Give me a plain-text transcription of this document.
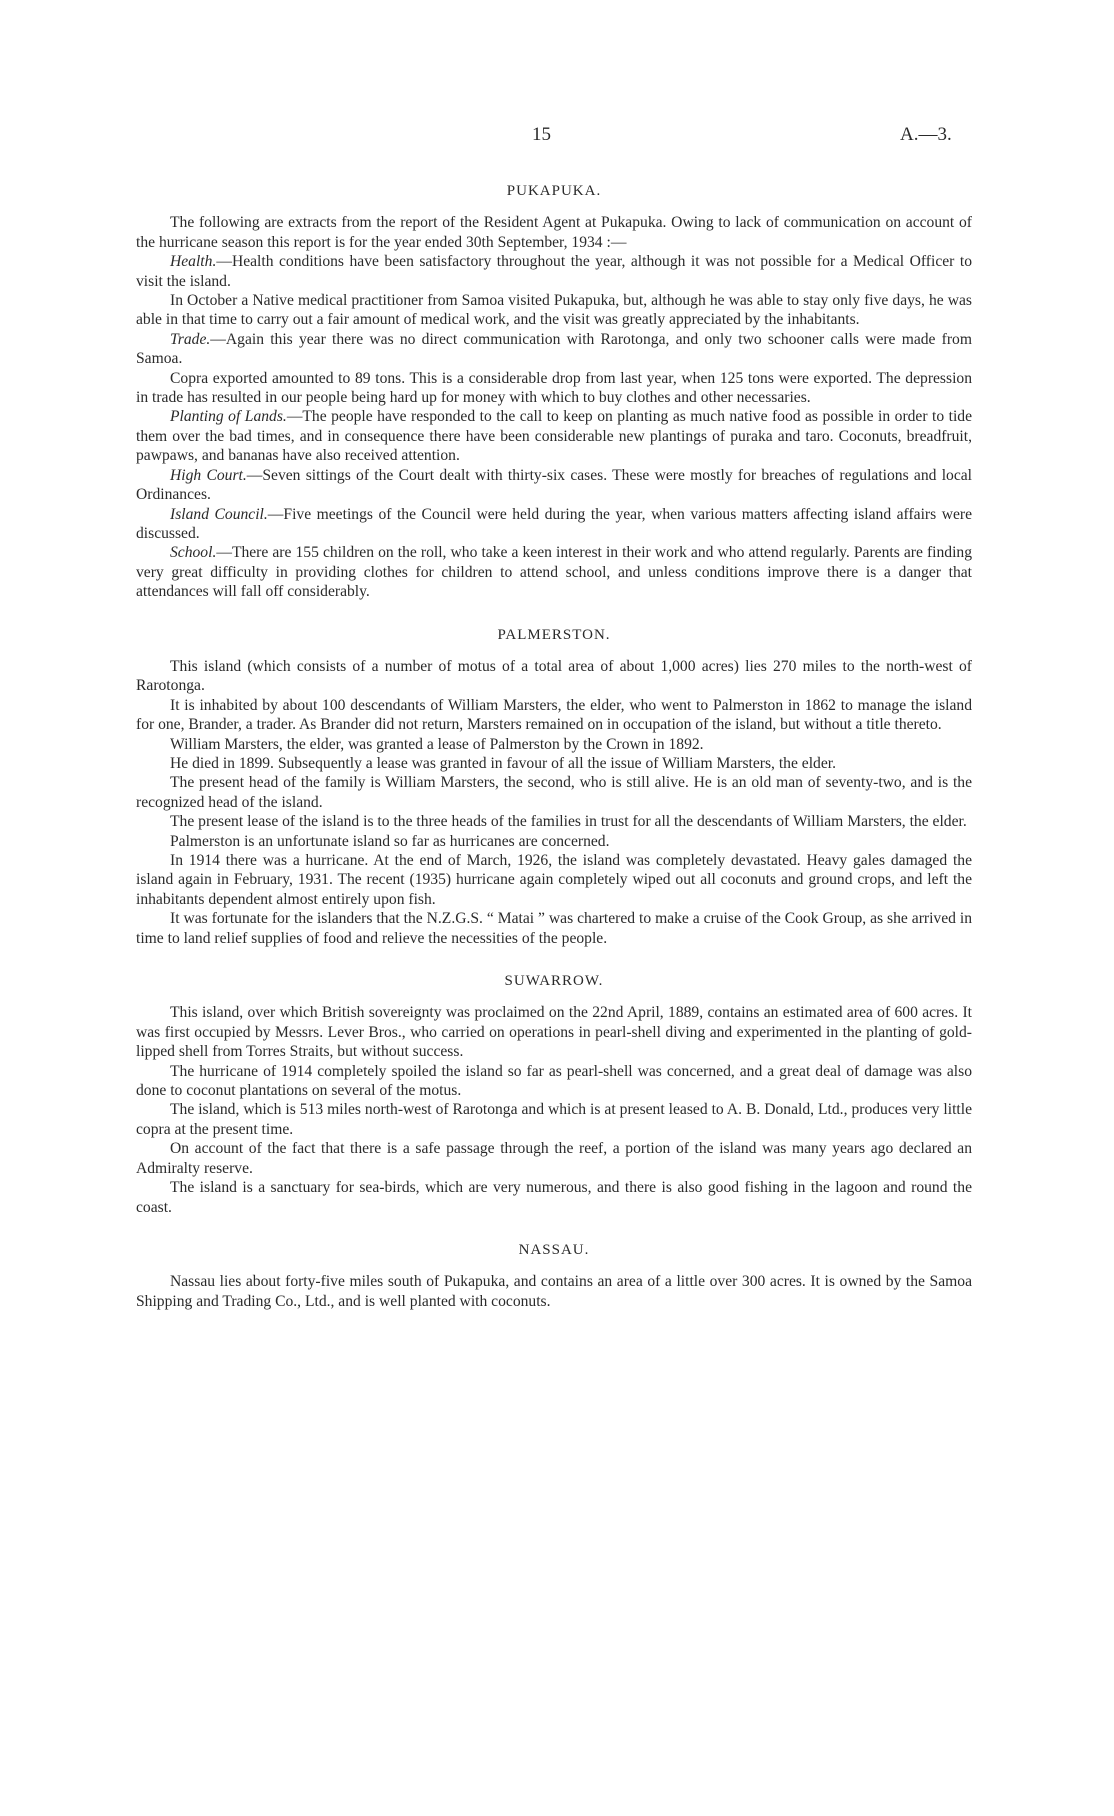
15	A.—3.
PUKAPUKA.

The following are extracts from the report of the Resident Agent at Pukapuka. Owing to lack of communication on account of the hurricane season this report is for the year ended 30th September, 1934 :—

Health.—Health conditions have been satisfactory throughout the year, although it was not possible for a Medical Officer to visit the island.

In October a Native medical practitioner from Samoa visited Pukapuka, but, although he was able to stay only five days, he was able in that time to carry out a fair amount of medical work, and the visit was greatly appreciated by the inhabitants.

Trade.—Again this year there was no direct communication with Rarotonga, and only two schooner calls were made from Samoa.

Copra exported amounted to 89 tons. This is a considerable drop from last year, when 125 tons were exported. The depression in trade has resulted in our people being hard up for money with which to buy clothes and other necessaries.

Planting of Lands.—The people have responded to the call to keep on planting as much native food as possible in order to tide them over the bad times, and in consequence there have been considerable new plantings of puraka and taro. Coconuts, breadfruit, pawpaws, and bananas have also received attention.

High Court.—Seven sittings of the Court dealt with thirty-six cases. These were mostly for breaches of regulations and local Ordinances.

Island Council.—Five meetings of the Council were held during the year, when various matters affecting island affairs were discussed.

School.—There are 155 children on the roll, who take a keen interest in their work and who attend regularly. Parents are finding very great difficulty in providing clothes for children to attend school, and unless conditions improve there is a danger that attendances will fall off considerably.

PALMERSTON.

This island (which consists of a number of motus of a total area of about 1,000 acres) lies 270 miles to the north-west of Rarotonga.

It is inhabited by about 100 descendants of William Marsters, the elder, who went to Palmerston in 1862 to manage the island for one, Brander, a trader. As Brander did not return, Marsters remained on in occupation of the island, but without a title thereto.

William Marsters, the elder, was granted a lease of Palmerston by the Crown in 1892.

He died in 1899. Subsequently a lease was granted in favour of all the issue of William Marsters, the elder.

The present head of the family is William Marsters, the second, who is still alive. He is an old man of seventy-two, and is the recognized head of the island.

The present lease of the island is to the three heads of the families in trust for all the descendants of William Marsters, the elder.

Palmerston is an unfortunate island so far as hurricanes are concerned.

In 1914 there was a hurricane. At the end of March, 1926, the island was completely devastated. Heavy gales damaged the island again in February, 1931. The recent (1935) hurricane again completely wiped out all coconuts and ground crops, and left the inhabitants dependent almost entirely upon fish.

It was fortunate for the islanders that the N.Z.G.S. “ Matai ” was chartered to make a cruise of the Cook Group, as she arrived in time to land relief supplies of food and relieve the necessities of the people.

SUWARROW.

This island, over which British sovereignty was proclaimed on the 22nd April, 1889, contains an estimated area of 600 acres. It was first occupied by Messrs. Lever Bros., who carried on operations in pearl-shell diving and experimented in the planting of gold-lipped shell from Torres Straits, but without success.

The hurricane of 1914 completely spoiled the island so far as pearl-shell was concerned, and a great deal of damage was also done to coconut plantations on several of the motus.

The island, which is 513 miles north-west of Rarotonga and which is at present leased to A. B. Donald, Ltd., produces very little copra at the present time.

On account of the fact that there is a safe passage through the reef, a portion of the island was many years ago declared an Admiralty reserve.

The island is a sanctuary for sea-birds, which are very numerous, and there is also good fishing in the lagoon and round the coast.

NASSAU.

Nassau lies about forty-five miles south of Pukapuka, and contains an area of a little over 300 acres. It is owned by the Samoa Shipping and Trading Co., Ltd., and is well planted with coconuts.
